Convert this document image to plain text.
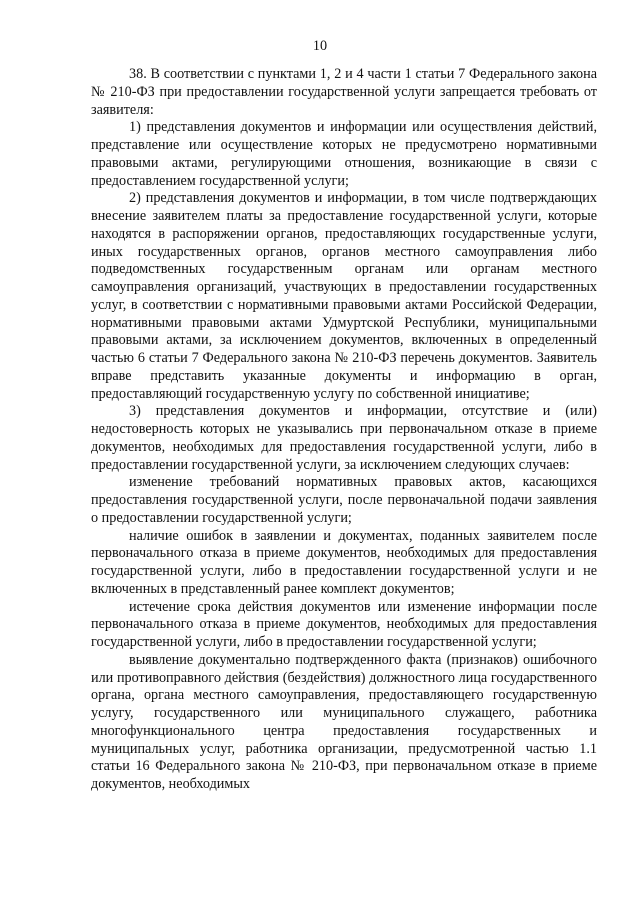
10

38. В соответствии с пунктами 1, 2 и 4 части 1 статьи 7 Федерального закона № 210-ФЗ при предоставлении государственной услуги запрещается требовать от заявителя:

1) представления документов и информации или осуществления действий, представление или осуществление которых не предусмотрено нормативными правовыми актами, регулирующими отношения, возникающие в связи с предоставлением государственной услуги;

2) представления документов и информации, в том числе подтверждающих внесение заявителем платы за предоставление государственной услуги, которые находятся в распоряжении органов, предоставляющих государственные услуги, иных государственных органов, органов местного самоуправления либо подведомственных государственным органам или органам местного самоуправления организаций, участвующих в предоставлении государственных услуг, в соответствии с нормативными правовыми актами Российской Федерации, нормативными правовыми актами Удмуртской Республики, муниципальными правовыми актами, за исключением документов, включенных в определенный частью 6 статьи 7 Федерального закона № 210-ФЗ перечень документов. Заявитель вправе представить указанные документы и информацию в орган, предоставляющий государственную услугу по собственной инициативе;

3) представления документов и информации, отсутствие и (или) недостоверность которых не указывались при первоначальном отказе в приеме документов, необходимых для предоставления государственной услуги, либо в предоставлении государственной услуги, за исключением следующих случаев:

изменение требований нормативных правовых актов, касающихся предоставления государственной услуги, после первоначальной подачи заявления о предоставлении государственной услуги;

наличие ошибок в заявлении и документах, поданных заявителем после первоначального отказа в приеме документов, необходимых для предоставления государственной услуги, либо в предоставлении государственной услуги и не включенных в представленный ранее комплект документов;

истечение срока действия документов или изменение информации после первоначального отказа в приеме документов, необходимых для предоставления государственной услуги, либо в предоставлении государственной услуги;

выявление документально подтвержденного факта (признаков) ошибочного или противоправного действия (бездействия) должностного лица государственного органа, органа местного самоуправления, предоставляющего государственную услугу, государственного или муниципального служащего, работника многофункционального центра предоставления государственных и муниципальных услуг, работника организации, предусмотренной частью 1.1 статьи 16 Федерального закона № 210-ФЗ, при первоначальном отказе в приеме документов, необходимых
